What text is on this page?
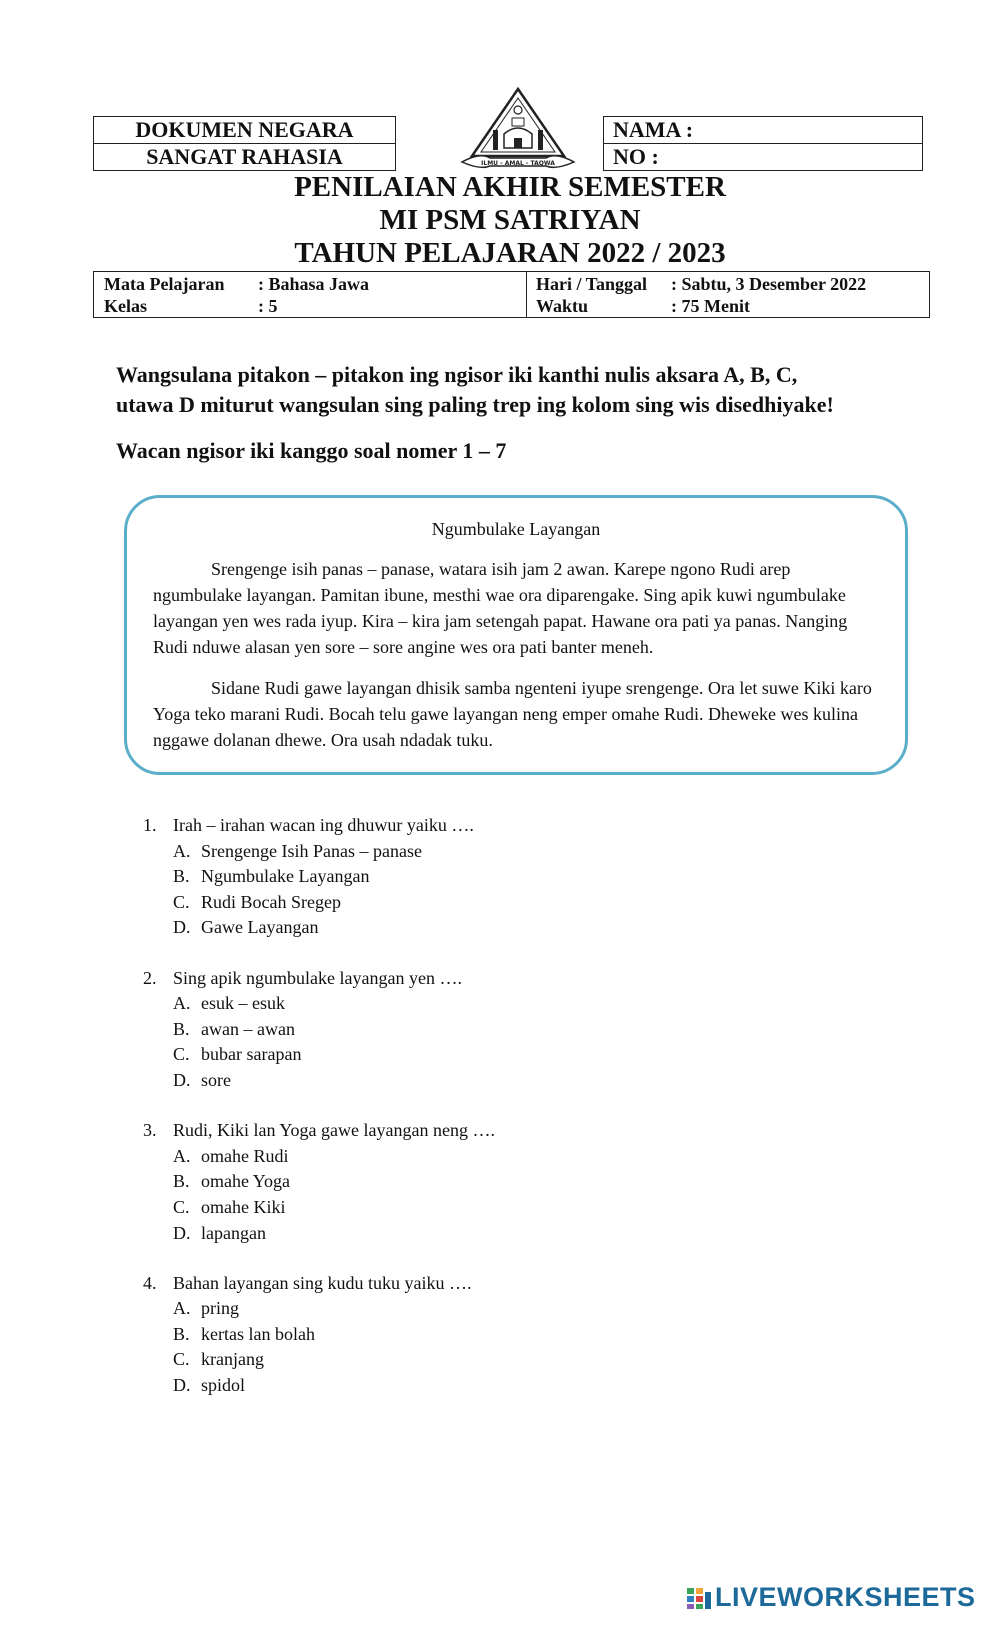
DOKUMEN NEGARA
SANGAT RAHASIA	ILMU - AMAL - TAQWA
NAMA :
NO :
PENILAIAN AKHIR SEMESTER
MI PSM SATRIYAN
TAHUN PELAJARAN 2022 / 2023
Mata Pelajaran	: Bahasa Jawa
Kelas	: 5
Hari / Tanggal	: Sabtu, 3 Desember 2022
Waktu	: 75 Menit
Wangsulana pitakon – pitakon ing ngisor iki kanthi nulis aksara A, B, C,
utawa D miturut wangsulan sing paling trep ing kolom sing wis disedhiyake!
Wacan ngisor iki kanggo soal nomer 1 – 7
Ngumbulake Layangan

Srengenge isih panas – panase, watara isih jam 2 awan. Karepe ngono Rudi arep ngumbulake layangan. Pamitan ibune, mesthi wae ora diparengake. Sing apik kuwi ngumbulake layangan yen wes rada iyup. Kira – kira jam setengah papat. Hawane ora pati ya panas. Nanging Rudi nduwe alasan yen sore – sore angine wes ora pati banter meneh.

Sidane Rudi gawe layangan dhisik samba ngenteni iyupe srengenge. Ora let suwe Kiki karo Yoga teko marani Rudi. Bocah telu gawe layangan neng emper omahe Rudi. Dheweke wes kulina nggawe dolanan dhewe. Ora usah ndadak tuku.

1. Irah – irahan wacan ing dhuwur yaiku ….
A. Srengenge Isih Panas – panase
B. Ngumbulake Layangan
C. Rudi Bocah Sregep
D. Gawe Layangan
2. Sing apik ngumbulake layangan yen ….
A. esuk – esuk
B. awan – awan
C. bubar sarapan
D. sore
3. Rudi, Kiki lan Yoga gawe layangan neng ….
A. omahe Rudi
B. omahe Yoga
C. omahe Kiki
D. lapangan
4. Bahan layangan sing kudu tuku yaiku ….
A. pring
B. kertas lan bolah
C. kranjang
D. spidol
LIVEWORKSHEETS
